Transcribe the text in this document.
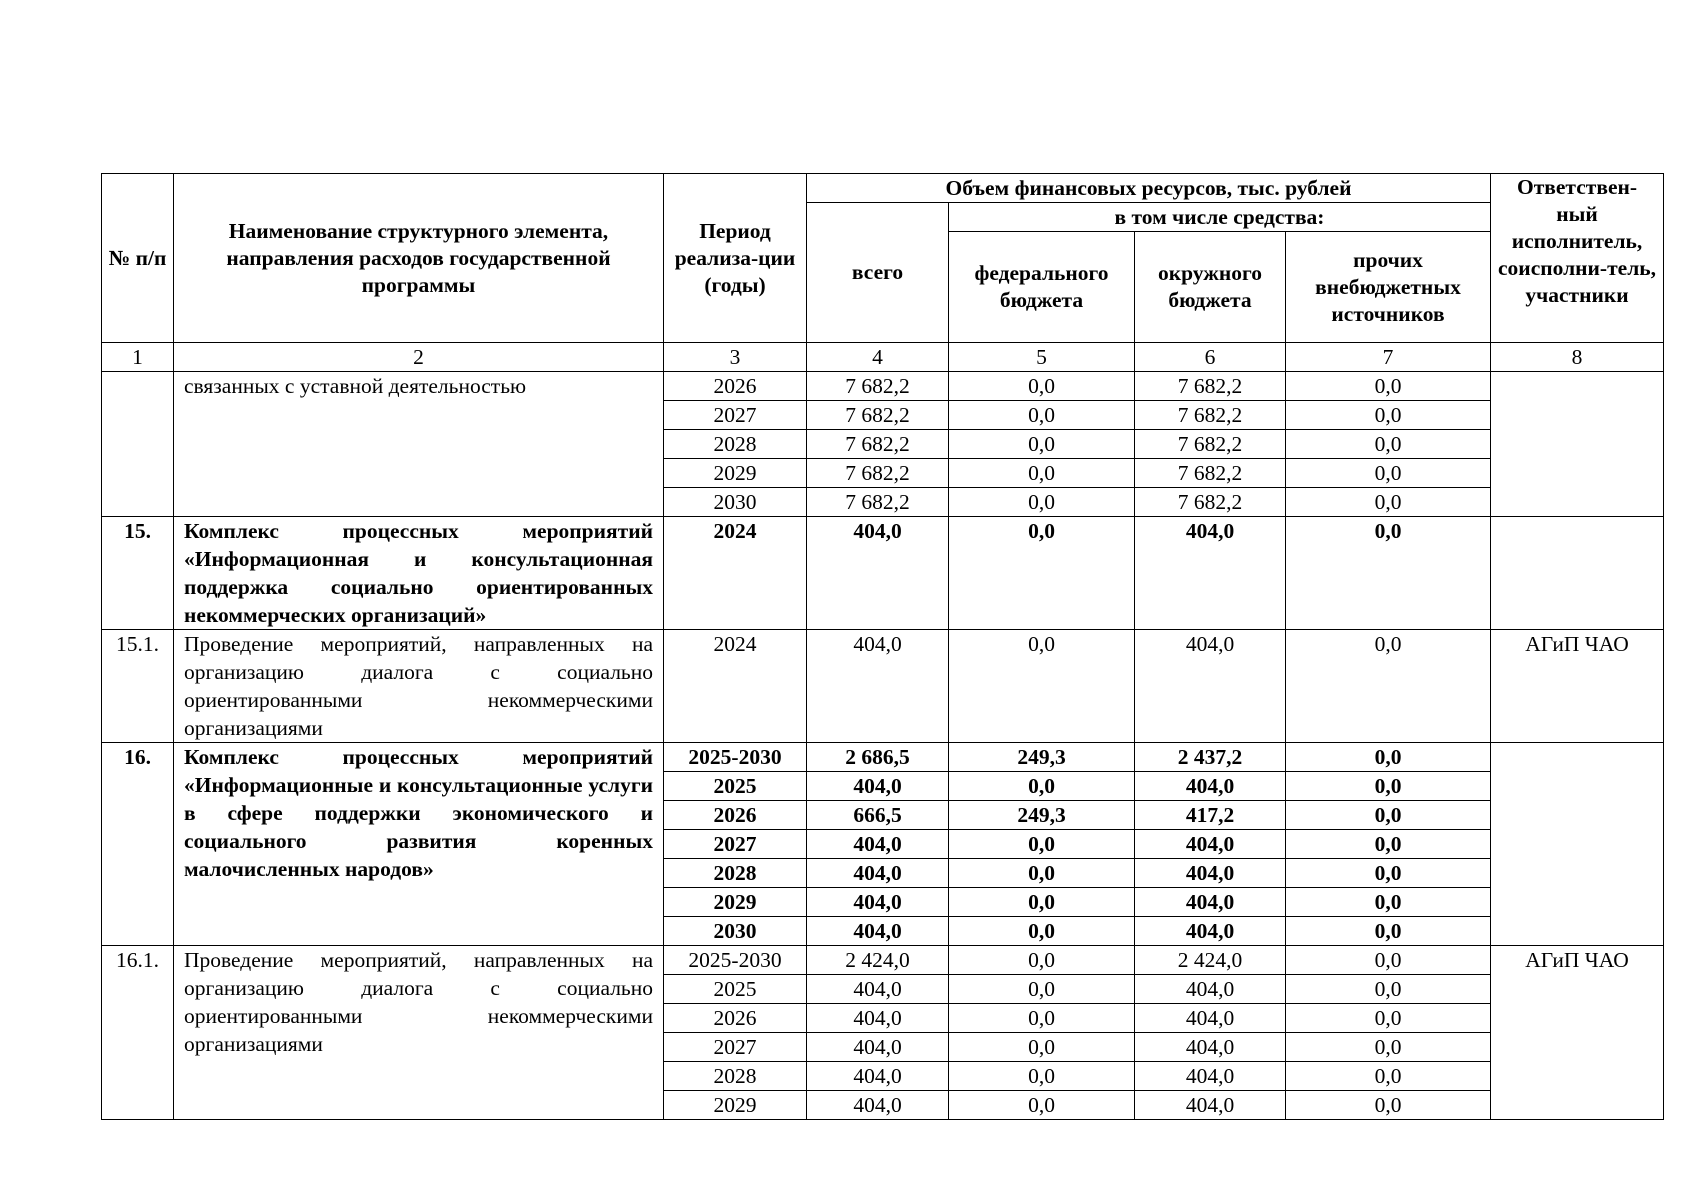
№ п/п	Наименование структурного элемента, направления расходов государственной программы	Период реализа-ции (годы)	Объем финансовых ресурсов, тыс. рублей				Ответствен-ный исполнитель, соисполни-тель, участники
			всего	в том числе средства:			
				федерального бюджета	окружного бюджета	прочих внебюджетных источников	
1	2	3	4	5	6	7	8
	связанных с уставной деятельностью	2026	7 682,2	0,0	7 682,2	0,0	
		2027	7 682,2	0,0	7 682,2	0,0	
		2028	7 682,2	0,0	7 682,2	0,0	
		2029	7 682,2	0,0	7 682,2	0,0	
		2030	7 682,2	0,0	7 682,2	0,0	
15.	Комплекс процессных мероприятий «Информационная и консультационная поддержка социально ориентированных некоммерческих организаций»	2024	404,0	0,0	404,0	0,0	
15.1.	Проведение мероприятий, направленных на организацию диалога с социально ориентированными некоммерческими организациями	2024	404,0	0,0	404,0	0,0	АГиП ЧАО
16.	Комплекс процессных мероприятий «Информационные и консультационные услуги в сфере поддержки экономического и социального развития коренных малочисленных народов»	2025-2030	2 686,5	249,3	2 437,2	0,0	
		2025	404,0	0,0	404,0	0,0	
		2026	666,5	249,3	417,2	0,0	
		2027	404,0	0,0	404,0	0,0	
		2028	404,0	0,0	404,0	0,0	
		2029	404,0	0,0	404,0	0,0	
		2030	404,0	0,0	404,0	0,0	
16.1.	Проведение мероприятий, направленных на организацию диалога с социально ориентированными некоммерческими организациями	2025-2030	2 424,0	0,0	2 424,0	0,0	АГиП ЧАО
		2025	404,0	0,0	404,0	0,0	
		2026	404,0	0,0	404,0	0,0	
		2027	404,0	0,0	404,0	0,0	
		2028	404,0	0,0	404,0	0,0	
		2029	404,0	0,0	404,0	0,0	
